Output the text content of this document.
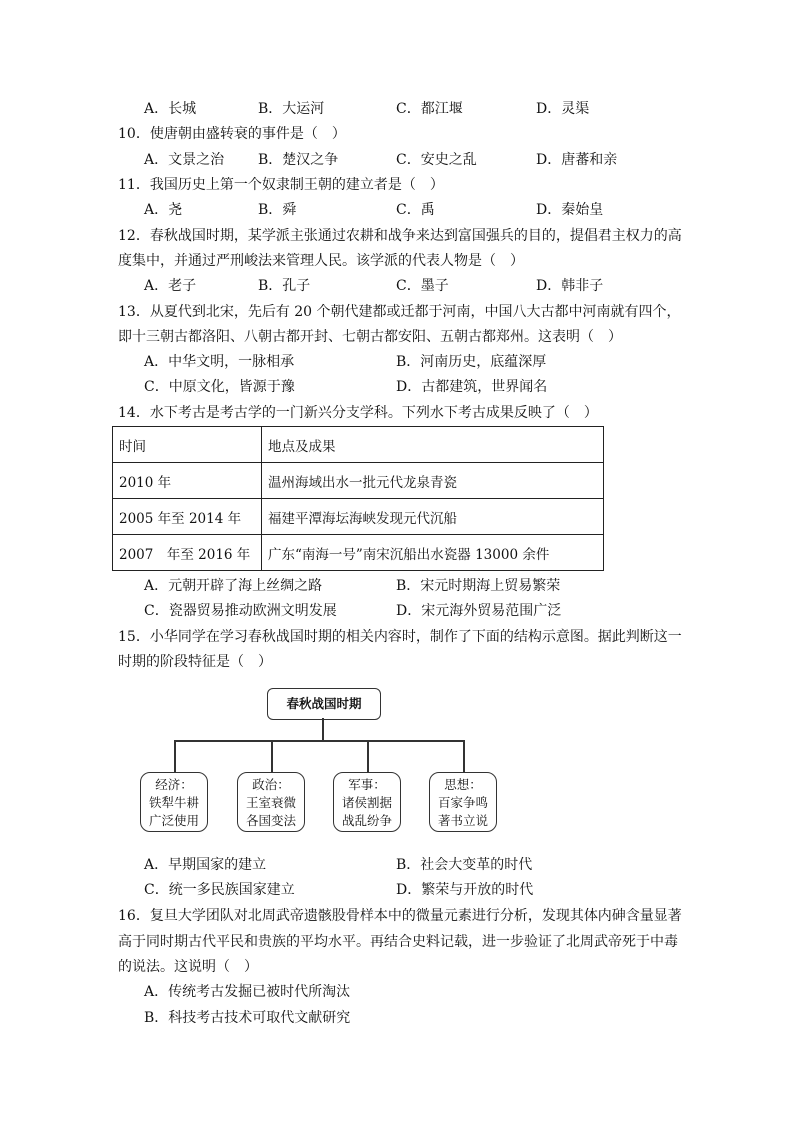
A．长城	B．大运河	C．都江堰	D．灵渠
10．使唐朝由盛转衰的事件是（　）
A．文景之治 B．楚汉之争	C．安史之乱	D．唐蕃和亲
11．我国历史上第一个奴隶制王朝的建立者是（　）
A．尧	B．舜	C．禹	D．秦始皇
12．春秋战国时期，某学派主张通过农耕和战争来达到富国强兵的目的，提倡君主权力的高
度集中，并通过严刑峻法来管理人民。该学派的代表人物是（　）
A．老子	B．孔子	C．墨子	D．韩非子
13．从夏代到北宋，先后有 20 个朝代建都或迁都于河南，中国八大古都中河南就有四个，
即十三朝古都洛阳、八朝古都开封、七朝古都安阳、五朝古都郑州。这表明（　）
A．中华文明，一脉相承	B．河南历史，底蕴深厚
C．中原文化，皆源于豫	D．古都建筑，世界闻名
14．水下考古是考古学的一门新兴分支学科。下列水下考古成果反映了（　）
时间	地点及成果
2010 年	温州海域出水一批元代龙泉青瓷
2005 年至 2014 年	福建平潭海坛海峡发现元代沉船
2007　年至 2016 年	广东“南海一号”南宋沉船出水瓷器 13000 余件
A．元朝开辟了海上丝绸之路	B．宋元时期海上贸易繁荣
C．瓷器贸易推动欧洲文明发展	D．宋元海外贸易范围广泛
15．小华同学在学习春秋战国时期的相关内容时，制作了下面的结构示意图。据此判断这一
时期的阶段特征是（　）
春秋战国时期
经济：
铁犁牛耕
广泛使用
政治：
王室衰微
各国变法
军事：
诸侯割据
战乱纷争
思想：
百家争鸣
著书立说
A．早期国家的建立	B．社会大变革的时代
C．统一多民族国家建立	D．繁荣与开放的时代
16．复旦大学团队对北周武帝遗骸股骨样本中的微量元素进行分析，发现其体内砷含量显著
高于同时期古代平民和贵族的平均水平。再结合史料记载，进一步验证了北周武帝死于中毒
的说法。这说明（　）
A．传统考古发掘已被时代所淘汰
B．科技考古技术可取代文献研究
